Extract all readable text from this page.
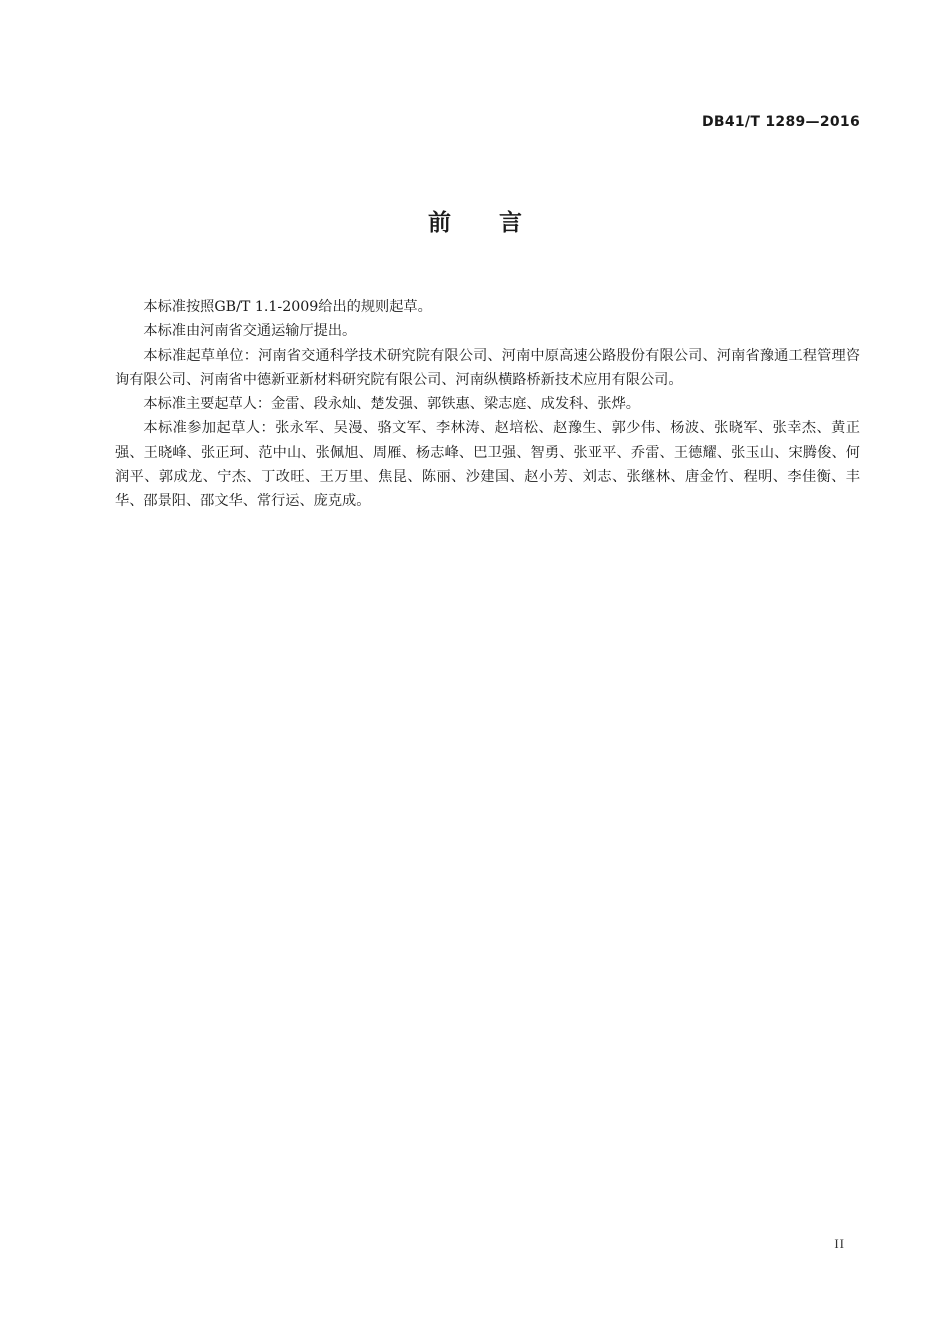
DB41/T 1289—2016
前      言

本标准按照GB/T 1.1-2009给出的规则起草。

本标准由河南省交通运输厅提出。

本标准起草单位：河南省交通科学技术研究院有限公司、河南中原高速公路股份有限公司、河南省豫通工程管理咨询有限公司、河南省中德新亚新材料研究院有限公司、河南纵横路桥新技术应用有限公司。

本标准主要起草人：金雷、段永灿、楚发强、郭铁惠、梁志庭、成发科、张烨。

本标准参加起草人：张永军、吴漫、骆文军、李林涛、赵培松、赵豫生、郭少伟、杨波、张晓军、张幸杰、黄正强、王晓峰、张正珂、范中山、张佩旭、周雁、杨志峰、巴卫强、智勇、张亚平、乔雷、王德耀、张玉山、宋腾俊、何润平、郭成龙、宁杰、丁改旺、王万里、焦昆、陈丽、沙建国、赵小芳、刘志、张继林、唐金竹、程明、李佳衡、丰华、邵景阳、邵文华、常行运、庞克成。

II
